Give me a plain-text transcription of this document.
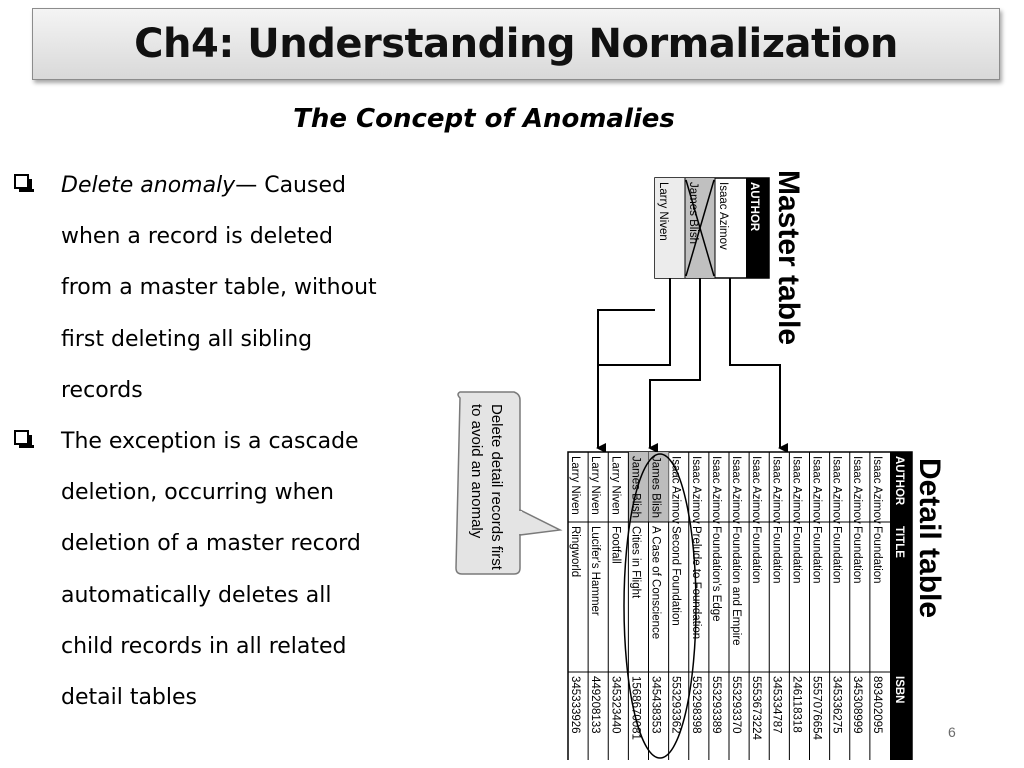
Ch4: Understanding Normalization
The Concept of Anomalies
Delete anomaly— Caused when a record is deleted from a master table, without first deleting all sibling records
The exception is a cascade deletion, occurring when deletion of a master record automatically deletes all child records in all related detail tables
Master table
AUTHOR
Isaac Azimov
James Blish
Larry Niven
Delete detail records first
to avoid an anomaly	Detail table
AUTHOR
TITLE
ISBN
Isaac Azimov
Foundation
893402095
Isaac Azimov
Foundation
345308999
Isaac Azimov
Foundation
345336275
Isaac Azimov
Foundation
5557076654
Isaac Azimov
Foundation
246118318
Isaac Azimov
Foundation
345334787
Isaac Azimov
Foundation
5553673224
Isaac Azimov
Foundation and Empire
553293370
Isaac Azimov
Foundation's Edge
553293389
Isaac Azimov
Prelude to Foundation
553298398
Isaac Azimov
Second Foundation
553293362
James Blish
A Case of Conscience
345438353
James Blish
Cities in Flight
1568670081
Larry Niven
Footfall
345323440
Larry Niven
Lucifer's Hammer
449208133
Larry Niven
Ringworld
345333926	6
